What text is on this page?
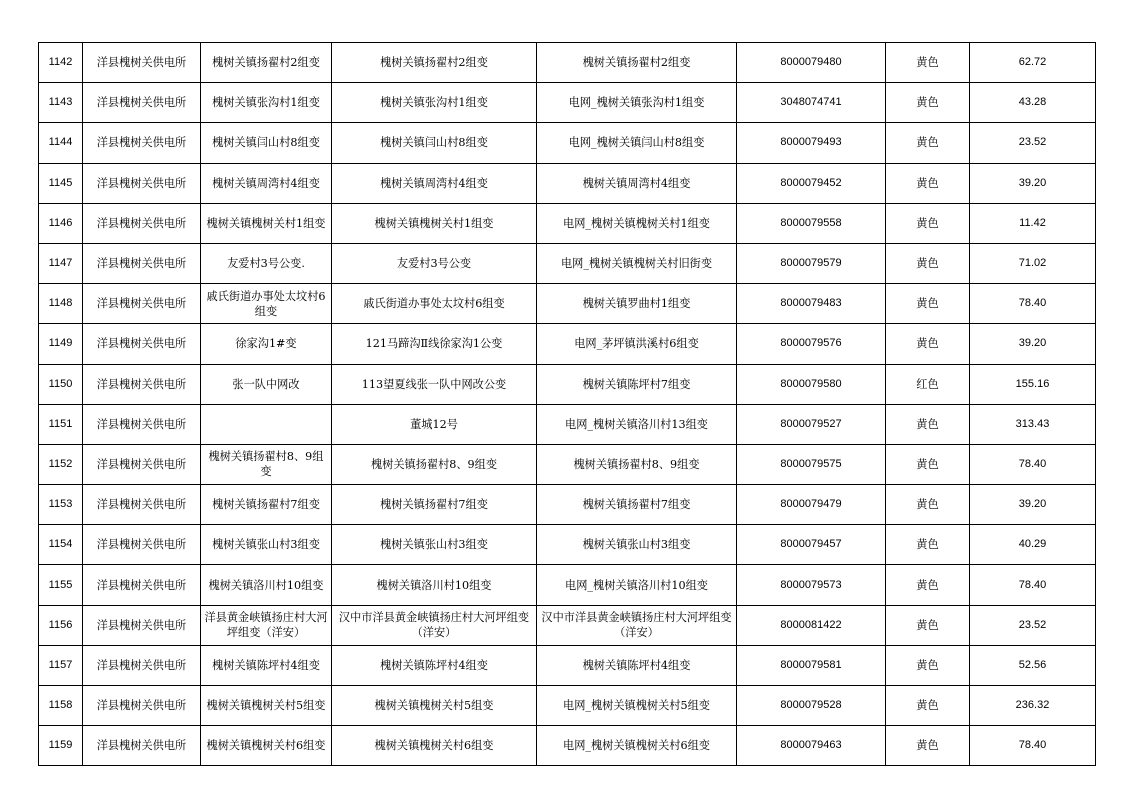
1142	洋县槐树关供电所	槐树关镇扬翟村2组变	槐树关镇扬翟村2组变	槐树关镇扬翟村2组变	8000079480	黄色	62.72
1143	洋县槐树关供电所	槐树关镇张沟村1组变	槐树关镇张沟村1组变	电网_槐树关镇张沟村1组变	3048074741	黄色	43.28
1144	洋县槐树关供电所	槐树关镇闫山村8组变	槐树关镇闫山村8组变	电网_槐树关镇闫山村8组变	8000079493	黄色	23.52
1145	洋县槐树关供电所	槐树关镇周湾村4组变	槐树关镇周湾村4组变	槐树关镇周湾村4组变	8000079452	黄色	39.20
1146	洋县槐树关供电所	槐树关镇槐树关村1组变	槐树关镇槐树关村1组变	电网_槐树关镇槐树关村1组变	8000079558	黄色	11.42
1147	洋县槐树关供电所	友爱村3号公变.	友爱村3号公变	电网_槐树关镇槐树关村旧街变	8000079579	黄色	71.02
1148	洋县槐树关供电所	戚氏街道办事处太坟村6组变	戚氏街道办事处太坟村6组变	槐树关镇罗曲村1组变	8000079483	黄色	78.40
1149	洋县槐树关供电所	徐家沟1#变	121马蹄沟Ⅱ线徐家沟1公变	电网_茅坪镇洪溪村6组变	8000079576	黄色	39.20
1150	洋县槐树关供电所	张一队中网改	113望夏线张一队中网改公变	槐树关镇陈坪村7组变	8000079580	红色	155.16
1151	洋县槐树关供电所		董城12号	电网_槐树关镇洛川村13组变	8000079527	黄色	313.43
1152	洋县槐树关供电所	槐树关镇扬翟村8、9组变	槐树关镇扬翟村8、9组变	槐树关镇扬翟村8、9组变	8000079575	黄色	78.40
1153	洋县槐树关供电所	槐树关镇扬翟村7组变	槐树关镇扬翟村7组变	槐树关镇扬翟村7组变	8000079479	黄色	39.20
1154	洋县槐树关供电所	槐树关镇张山村3组变	槐树关镇张山村3组变	槐树关镇张山村3组变	8000079457	黄色	40.29
1155	洋县槐树关供电所	槐树关镇洛川村10组变	槐树关镇洛川村10组变	电网_槐树关镇洛川村10组变	8000079573	黄色	78.40
1156	洋县槐树关供电所	洋县黄金峡镇扬庄村大河坪组变（洋安）	汉中市洋县黄金峡镇扬庄村大河坪组变（洋安）	汉中市洋县黄金峡镇扬庄村大河坪组变（洋安）	8000081422	黄色	23.52
1157	洋县槐树关供电所	槐树关镇陈坪村4组变	槐树关镇陈坪村4组变	槐树关镇陈坪村4组变	8000079581	黄色	52.56
1158	洋县槐树关供电所	槐树关镇槐树关村5组变	槐树关镇槐树关村5组变	电网_槐树关镇槐树关村5组变	8000079528	黄色	236.32
1159	洋县槐树关供电所	槐树关镇槐树关村6组变	槐树关镇槐树关村6组变	电网_槐树关镇槐树关村6组变	8000079463	黄色	78.40
